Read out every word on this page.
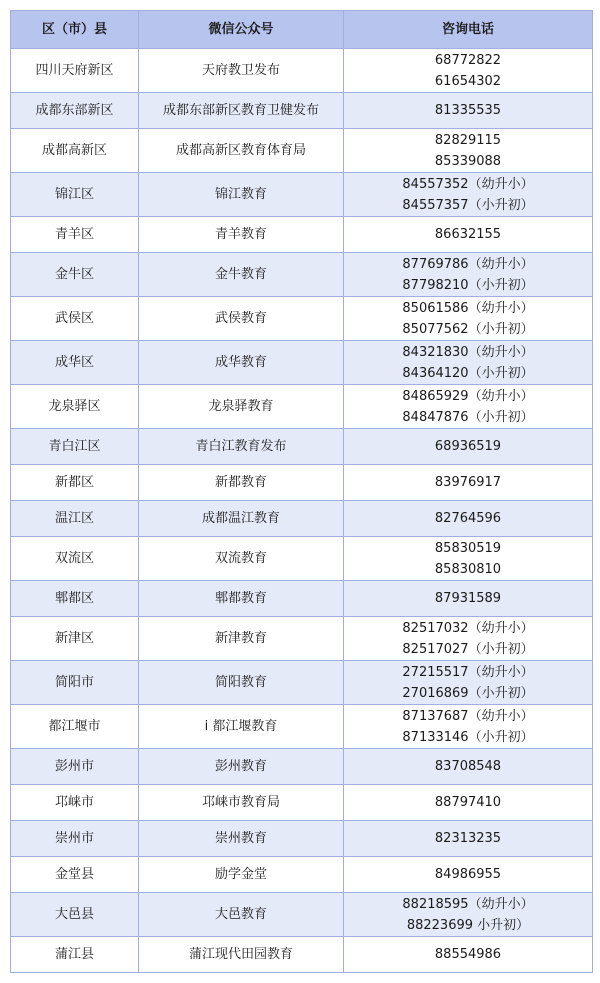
区（市）县	微信公众号	咨询电话
四川天府新区	天府教卫发布	68772822
61654302

成都东部新区	成都东部新区教育卫健发布	81335535

成都高新区	成都高新区教育体育局	82829115
85339088

锦江区	锦江教育	84557352（幼升小）
84557357（小升初）

青羊区	青羊教育	86632155

金牛区	金牛教育	87769786（幼升小）
87798210（小升初）

武侯区	武侯教育	85061586（幼升小）
85077562（小升初）

成华区	成华教育	84321830（幼升小）
84364120（小升初）

龙泉驿区	龙泉驿教育	84865929（幼升小）
84847876（小升初）

青白江区	青白江教育发布	68936519

新都区	新都教育	83976917

温江区	成都温江教育	82764596

双流区	双流教育	85830519
85830810

郫都区	郫都教育	87931589

新津区	新津教育	82517032（幼升小）
82517027（小升初）

简阳市	简阳教育	27215517（幼升小）
27016869（小升初）

都江堰市	i 都江堰教育	87137687（幼升小）
87133146（小升初）

彭州市	彭州教育	83708548

邛崃市	邛崃市教育局	88797410

崇州市	崇州教育	82313235

金堂县	励学金堂	84986955

大邑县	大邑教育	88218595（幼升小）
88223699 小升初）

蒲江县	蒲江现代田园教育	88554986
